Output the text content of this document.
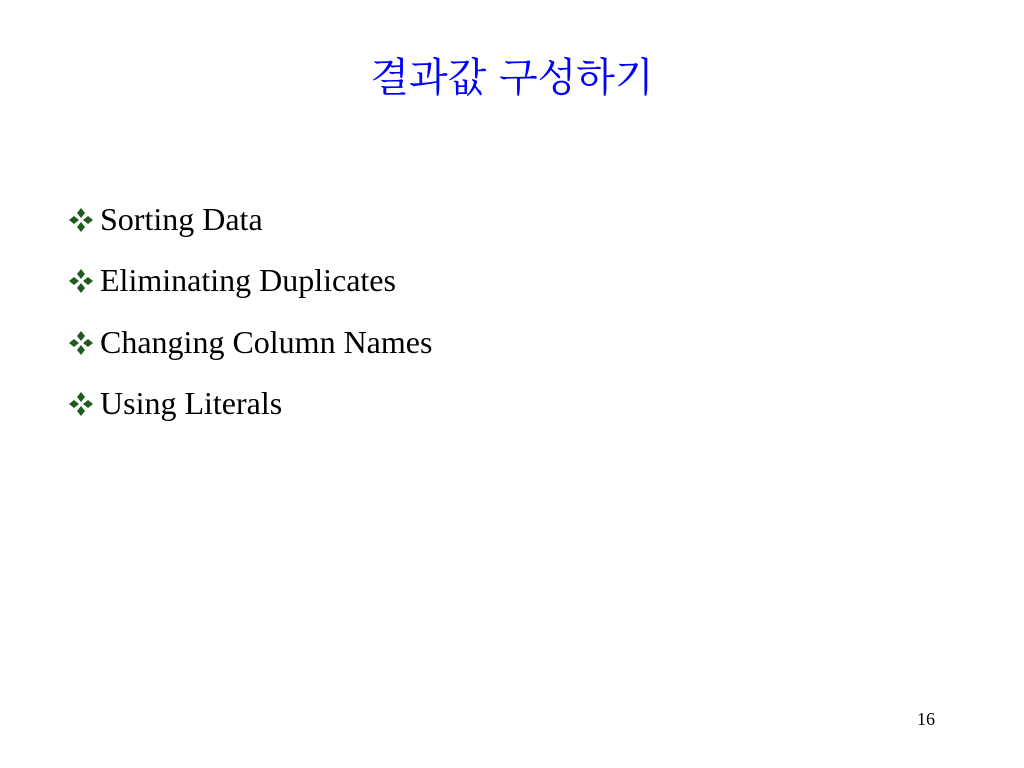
결과값 구성하기
Sorting Data
Eliminating Duplicates
Changing Column Names
Using Literals
16
